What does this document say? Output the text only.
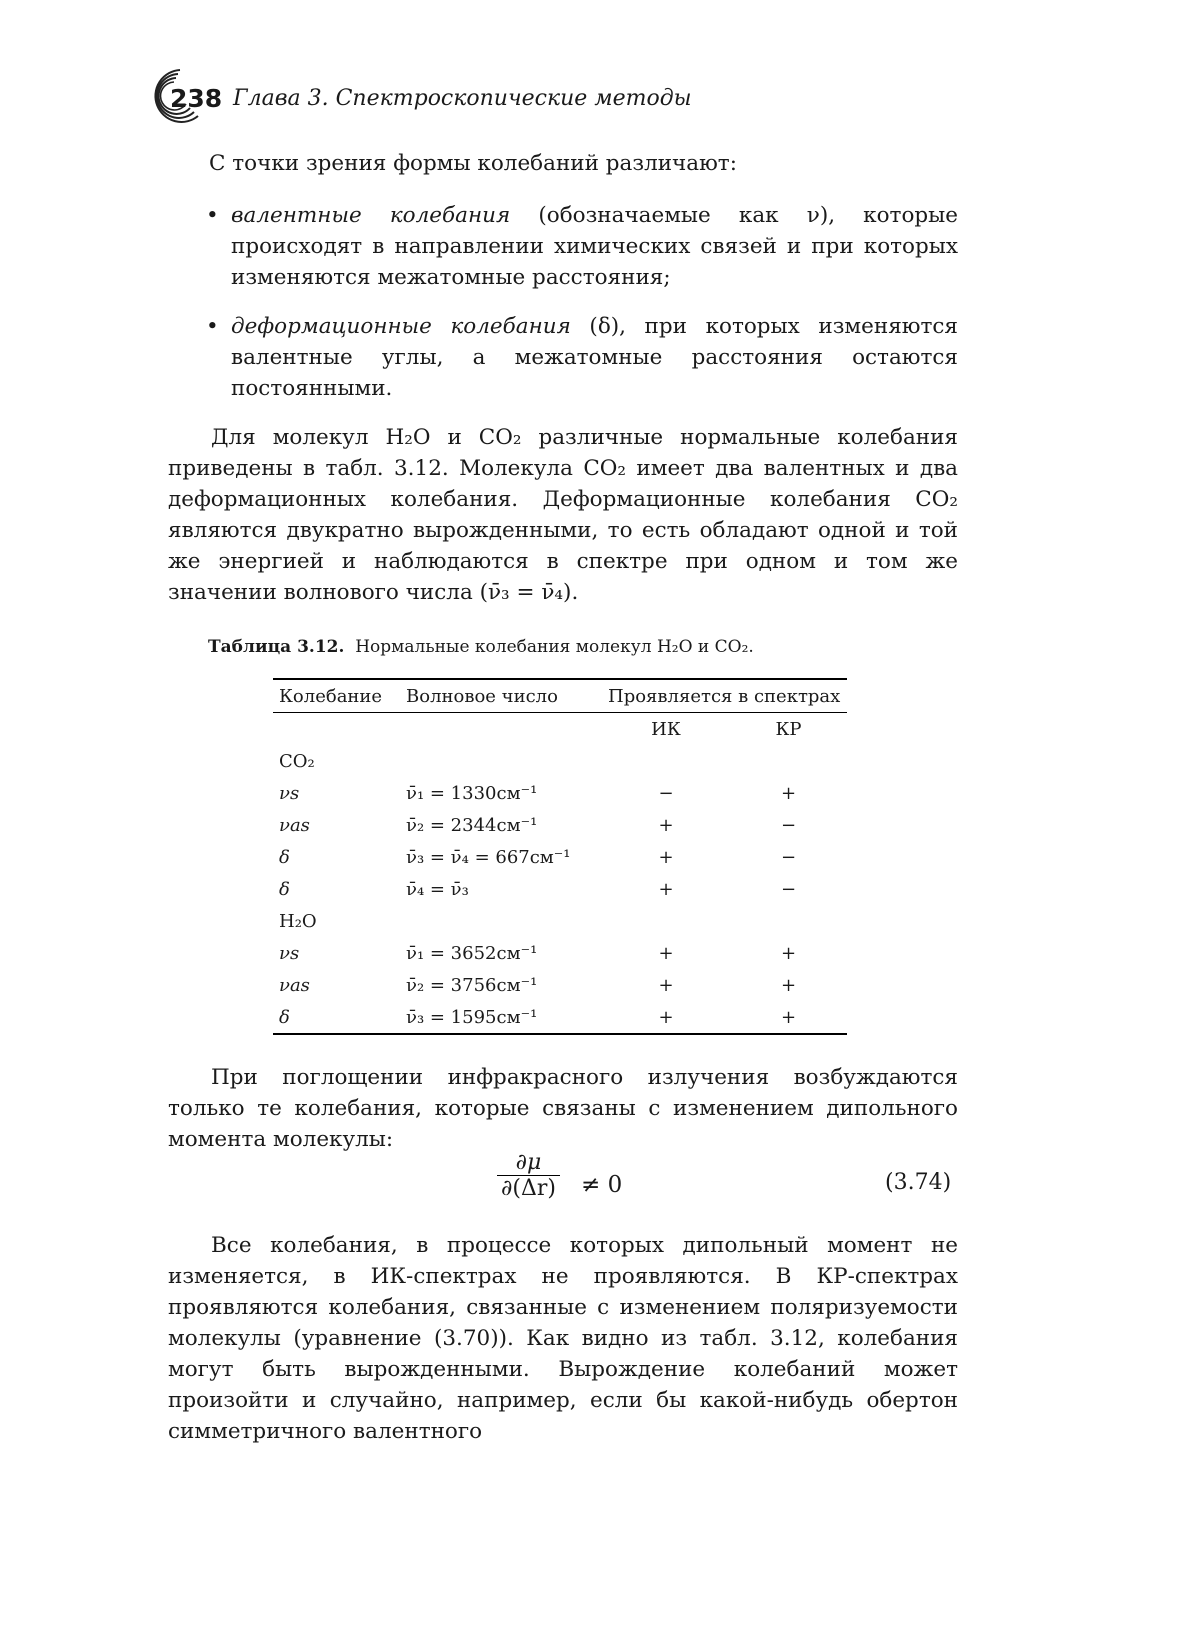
238 Глава 3. Спектроскопические методы

С точки зрения формы колебаний различают:

• валентные колебания (обозначаемые как ν), которые происходят в направлении химических связей и при которых изменяются межатомные расстояния;
• деформационные колебания (δ), при которых изменяются валентные углы, а межатомные расстояния остаются постоянными.

Для молекул H₂O и CO₂ различные нормальные колебания приведены в табл. 3.12. Молекула CO₂ имеет два валентных и два деформационных колебания. Деформационные колебания CO₂ являются двукратно вырожденными, то есть обладают одной и той же энергией и наблюдаются в спектре при одном и том же значении волнового числа (ν̄₃ = ν̄₄).

Таблица 3.12. Нормальные колебания молекул H₂O и CO₂.
Колебание	Волновое число	Проявляется в спектрах	
		ИК	КР
CO₂			
νs	ν̄₁ = 1330см⁻¹	−	+
νas	ν̄₂ = 2344см⁻¹	+	−
δ	ν̄₃ = ν̄₄ = 667см⁻¹	+	−
δ	ν̄₄ = ν̄₃	+	−
H₂O			
νs	ν̄₁ = 3652см⁻¹	+	+
νas	ν̄₂ = 3756см⁻¹	+	+
δ	ν̄₃ = 1595см⁻¹	+	+

При поглощении инфракрасного излучения возбуждаются только те колебания, которые связаны с изменением дипольного момента молекулы:

$\frac{\partial\mu}{\partial(\Delta r)} \ne 0$	(3.74)

Все колебания, в процессе которых дипольный момент не изменяется, в ИК-спектрах не проявляются. В КР-спектрах проявляются колебания, связанные с изменением поляризуемости молекулы (уравнение (3.70)). Как видно из табл. 3.12, колебания могут быть вырожденными. Вырождение колебаний может произойти и случайно, например, если бы какой-нибудь обертон симметричного валентного
